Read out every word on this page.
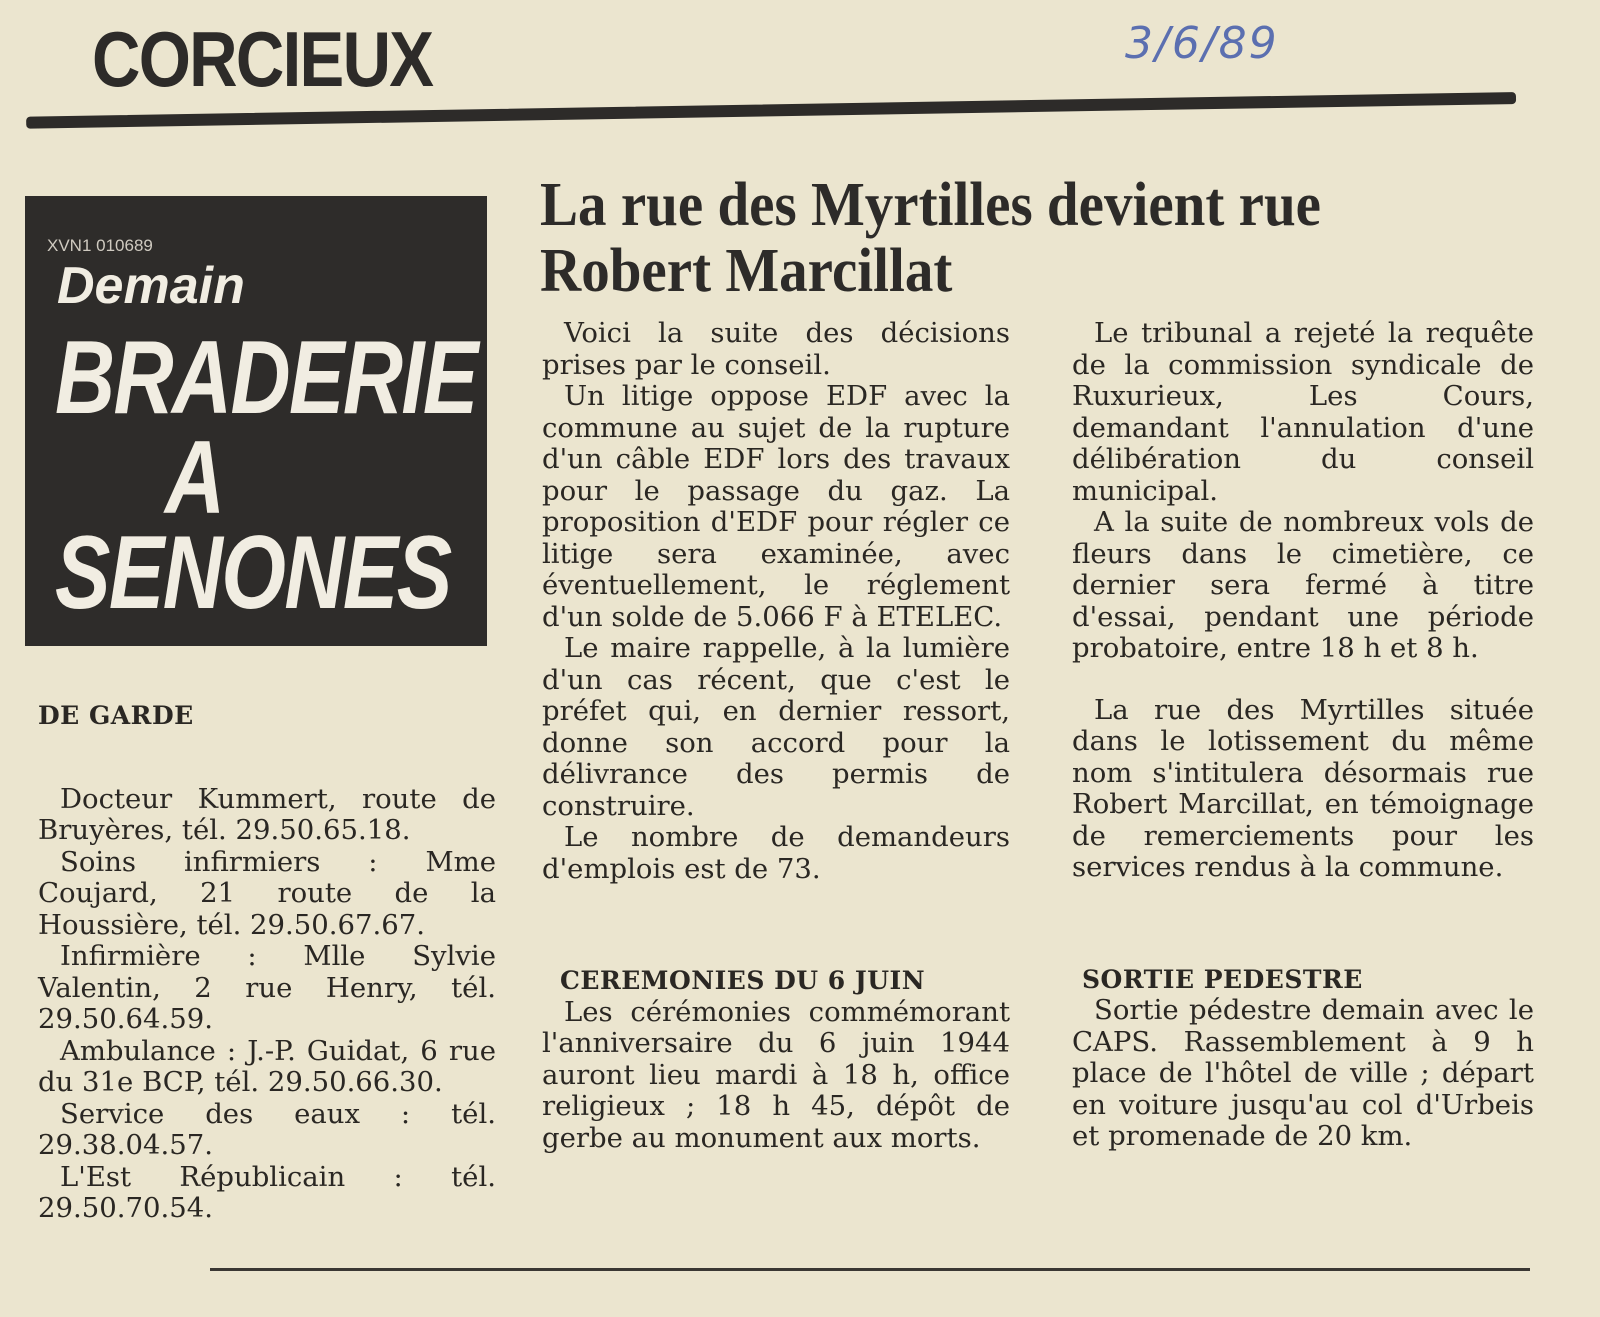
CORCIEUX	3/6/89
XVN1 010689
Demain
BRADERIE
A
SENONES
La rue des Myrtilles devient rue Robert Marcillat

DE GARDE

Docteur Kummert, route de Bruyères, tél. 29.50.65.18.

Soins infirmiers : Mme Coujard, 21 route de la Houssière, tél. 29.50.67.67.

Infirmière : Mlle Sylvie Valentin, 2 rue Henry, tél. 29.50.64.59.

Ambulance : J.-P. Guidat, 6 rue du 31e BCP, tél. 29.50.66.30.

Service des eaux : tél. 29.38.04.57.

L'Est Républicain : tél. 29.50.70.54.

Voici la suite des décisions prises par le conseil.

Un litige oppose EDF avec la commune au sujet de la rupture d'un câble EDF lors des travaux pour le passage du gaz. La proposition d'EDF pour régler ce litige sera examinée, avec éventuellement, le réglement d'un solde de 5.066 F à ETELEC.

Le maire rappelle, à la lumière d'un cas récent, que c'est le préfet qui, en dernier ressort, donne son accord pour la délivrance des permis de construire.

Le nombre de demandeurs d'emplois est de 73.

CEREMONIES DU 6 JUIN

Les cérémonies commémorant l'anniversaire du 6 juin 1944 auront lieu mardi à 18 h, office religieux ; 18 h 45, dépôt de gerbe au monument aux morts.

Le tribunal a rejeté la requête de la commission syndicale de Ruxurieux, Les Cours, demandant l'annulation d'une délibération du conseil municipal.

A la suite de nombreux vols de fleurs dans le cimetière, ce dernier sera fermé à titre d'essai, pendant une période probatoire, entre 18 h et 8 h.

La rue des Myrtilles située dans le lotissement du même nom s'intitulera désormais rue Robert Marcillat, en témoignage de remerciements pour les services rendus à la commune.

SORTIE PEDESTRE

Sortie pédestre demain avec le CAPS. Rassemblement à 9 h place de l'hôtel de ville ; départ en voiture jusqu'au col d'Urbeis et promenade de 20 km.
